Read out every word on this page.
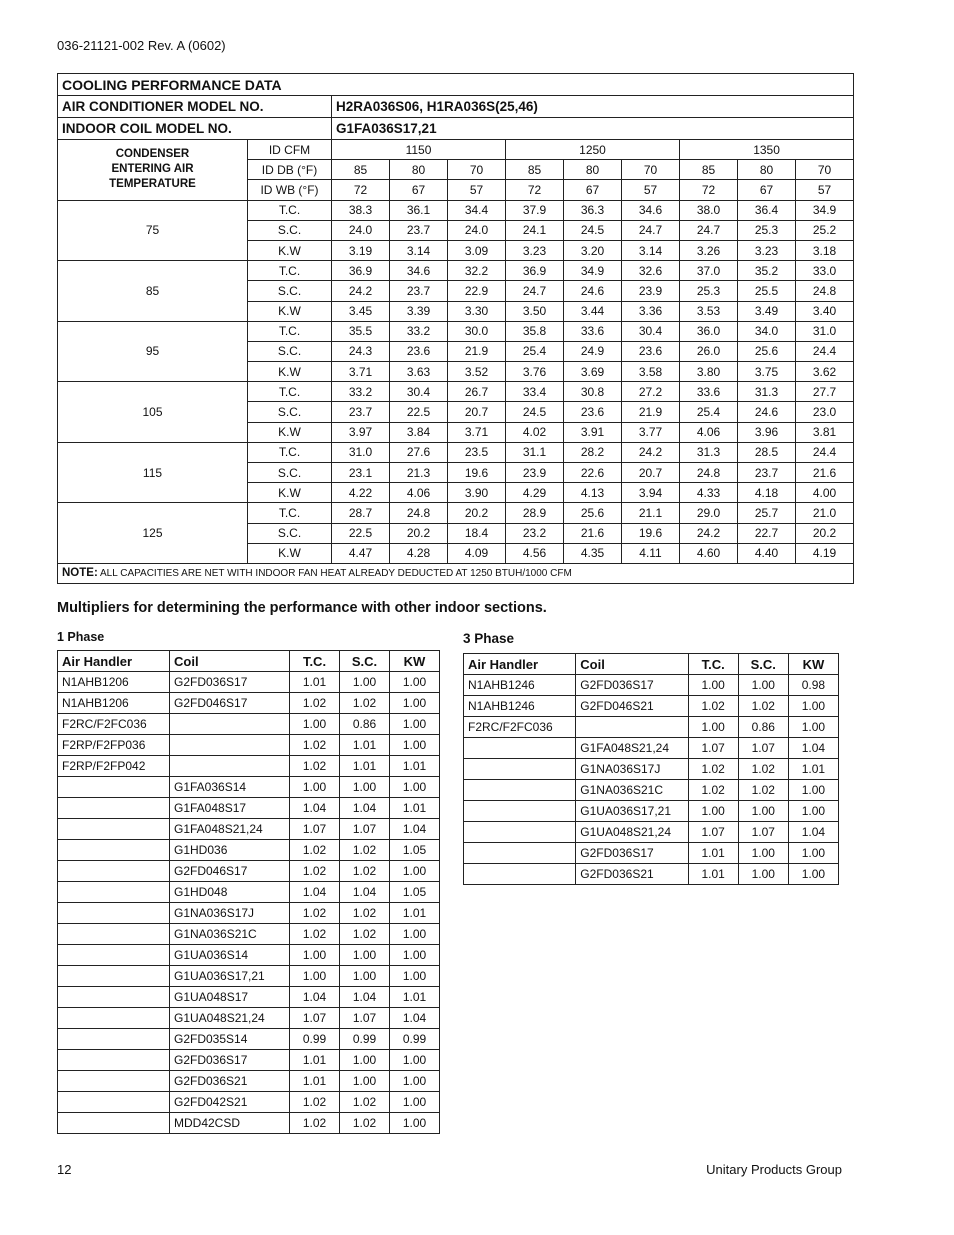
036-21121-002 Rev. A (0602)
COOLING PERFORMANCE DATA										
AIR CONDITIONER MODEL NO.		H2RA036S06, H1RA036S(25,46)								
INDOOR COIL MODEL NO.		G1FA036S17,21								
CONDENSER
ENTERING AIR
TEMPERATURE	ID CFM	1150			1250			1350		
	ID DB (°F)	85	80	70	85	80	70	85	80	70
	ID WB (°F)	72	67	57	72	67	57	72	67	57
75	T.C.	38.3	36.1	34.4	37.9	36.3	34.6	38.0	36.4	34.9
	S.C.	24.0	23.7	24.0	24.1	24.5	24.7	24.7	25.3	25.2
	K.W	3.19	3.14	3.09	3.23	3.20	3.14	3.26	3.23	3.18
85	T.C.	36.9	34.6	32.2	36.9	34.9	32.6	37.0	35.2	33.0
	S.C.	24.2	23.7	22.9	24.7	24.6	23.9	25.3	25.5	24.8
	K.W	3.45	3.39	3.30	3.50	3.44	3.36	3.53	3.49	3.40
95	T.C.	35.5	33.2	30.0	35.8	33.6	30.4	36.0	34.0	31.0
	S.C.	24.3	23.6	21.9	25.4	24.9	23.6	26.0	25.6	24.4
	K.W	3.71	3.63	3.52	3.76	3.69	3.58	3.80	3.75	3.62
105	T.C.	33.2	30.4	26.7	33.4	30.8	27.2	33.6	31.3	27.7
	S.C.	23.7	22.5	20.7	24.5	23.6	21.9	25.4	24.6	23.0
	K.W	3.97	3.84	3.71	4.02	3.91	3.77	4.06	3.96	3.81
115	T.C.	31.0	27.6	23.5	31.1	28.2	24.2	31.3	28.5	24.4
	S.C.	23.1	21.3	19.6	23.9	22.6	20.7	24.8	23.7	21.6
	K.W	4.22	4.06	3.90	4.29	4.13	3.94	4.33	4.18	4.00
125	T.C.	28.7	24.8	20.2	28.9	25.6	21.1	29.0	25.7	21.0
	S.C.	22.5	20.2	18.4	23.2	21.6	19.6	24.2	22.7	20.2
	K.W	4.47	4.28	4.09	4.56	4.35	4.11	4.60	4.40	4.19
NOTE: ALL CAPACITIES ARE NET WITH INDOOR FAN HEAT ALREADY DEDUCTED AT 1250 BTUH/1000 CFM										
Multipliers for determining the performance with other indoor sections.
1 Phase	3 Phase
Air Handler	Coil	T.C.	S.C.	KW
N1AHB1206	G2FD036S17	1.01	1.00	1.00
N1AHB1206	G2FD046S17	1.02	1.02	1.00
F2RC/F2FC036		1.00	0.86	1.00
F2RP/F2FP036		1.02	1.01	1.00
F2RP/F2FP042		1.02	1.01	1.01
	G1FA036S14	1.00	1.00	1.00
	G1FA048S17	1.04	1.04	1.01
	G1FA048S21,24	1.07	1.07	1.04
	G1HD036	1.02	1.02	1.05
	G2FD046S17	1.02	1.02	1.00
	G1HD048	1.04	1.04	1.05
	G1NA036S17J	1.02	1.02	1.01
	G1NA036S21C	1.02	1.02	1.00
	G1UA036S14	1.00	1.00	1.00
	G1UA036S17,21	1.00	1.00	1.00
	G1UA048S17	1.04	1.04	1.01
	G1UA048S21,24	1.07	1.07	1.04
	G2FD035S14	0.99	0.99	0.99
	G2FD036S17	1.01	1.00	1.00
	G2FD036S21	1.01	1.00	1.00
	G2FD042S21	1.02	1.02	1.00
	MDD42CSD	1.02	1.02	1.00
Air Handler	Coil	T.C.	S.C.	KW
N1AHB1246	G2FD036S17	1.00	1.00	0.98
N1AHB1246	G2FD046S21	1.02	1.02	1.00
F2RC/F2FC036		1.00	0.86	1.00
	G1FA048S21,24	1.07	1.07	1.04
	G1NA036S17J	1.02	1.02	1.01
	G1NA036S21C	1.02	1.02	1.00
	G1UA036S17,21	1.00	1.00	1.00
	G1UA048S21,24	1.07	1.07	1.04
	G2FD036S17	1.01	1.00	1.00
	G2FD036S21	1.01	1.00	1.00
12	Unitary Products Group
